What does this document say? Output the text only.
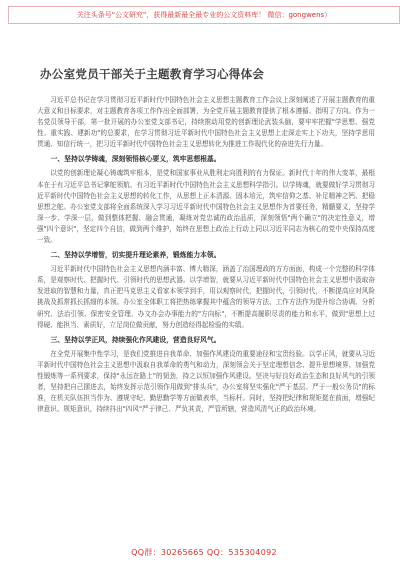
关注头条号"公文研究"，获得最新最全最专业的公文资料库！ 微信：gongwens）
办公室党员干部关于主题教育学习心得体会

习近平总书记在学习贯彻习近平新时代中国特色社会主义思想主题教育工作会议上深刻阐述了开展主题教育的重大意义和目标要求，对主题教育各项工作作出全面部署，为全党开展主题教育提供了根本遵循、指明了方向。作为一名党员领导干部，第一批开展的办公室党支部书记，持续推动用党的创新理论武装头脑，要牢牢把握"学思想、强党性、重实践、建新功"的总要求，在学习贯彻习近平新时代中国特色社会主义思想上走深走实上下功夫，坚持学思用贯通、知信行统一，把习近平新时代中国特色社会主义思想转化为推进工作现代化的奋进先行力量。

一、坚持以学铸魂，深刻领悟核心要义，筑牢思想根基。

以党的创新理论凝心铸魂筑牢根本，是党和国家事业从胜利走向胜利的有力保证。新时代十年的伟大变革，最根本在于有习近平总书记掌舵领航、有习近平新时代中国特色社会主义思想科学指引。以学铸魂，就要做好学习贯彻习近平新时代中国特色社会主义思想的转化工作，从思想上正本清源、固本培元，筑牢信仰之基、补足精神之钙、把稳思想之舵。办公室党支部将全面系统深入学习习近平新时代中国特色社会主义思想作为首要任务，精髓要义，坚持学深一步、学深一层，做到整体把握、融会贯通，凝练对党忠诚的政治品质，深刻领悟"两个确立"的决定性意义，增强"四个意识"，坚定四个自信，做到两个维护，始终在思想上政治上行动上同以习近平同志为核心的党中央保持高度一致。

二、坚持以学增智，切实提升理论素养，锻炼能力本领。

习近平新时代中国特色社会主义思想内涵丰富、博大精深，涵盖了治国理政的方方面面，构成一个完整的科学体系，是观察时代、把握时代、引领时代的思想武器。以学增智，就要从习近平新时代中国特色社会主义思想中汲取奋发进取的智慧和力量，真正把马克思主义看家本领学到手，用以观察时代，把握时代，引领时代，不断提高应对风险挑战及抓常抓长抓细的本领。办公室全体职工将把热练掌握其中蕴含的领导方法、工作方法作为提升综合协调、分析研究、法治引领、保密安全管理、办文办会办事能力的"方向标"，不断提高履职尽责的能力和水平，做到"思想上过得硬、能担当、素质好，立足岗位做贡献，努力创造经得起检验的实绩。

三、坚持以学正风，持续强化作风建设，营造良好风气。

在全党开展集中性学习，是我们党推进自我革命、加强作风建设的重要途径和宝贵经验。以学正风，就要从习近平新时代中国特色社会主义思想中汲取自我革命的勇气和动力，深刻领会关于坚定理想信念、提升思想境界、加强党性锻炼等一系列要求，保持"永远在路上"的韧劲，持之以恒加强作风建设。坚决与好良好政治生态和良好风气的引领者，坚持把自己摆进去，始终发挥示范引领作用做到"排头兵"，办公室将坚实强化"严于基层、严于一般公务员"的标准，在机关队伍担当作为、遵规守纪、勤思勤学等方面做表率，当标杆。同时，坚持把纪律和规矩挺在前面，增强纪律意识、规矩意识，持续抖出"四风"严于律己、严负其责，严管所辖，营造风清气正的政治环境。

QQ群：30265665 QQ：535304092
